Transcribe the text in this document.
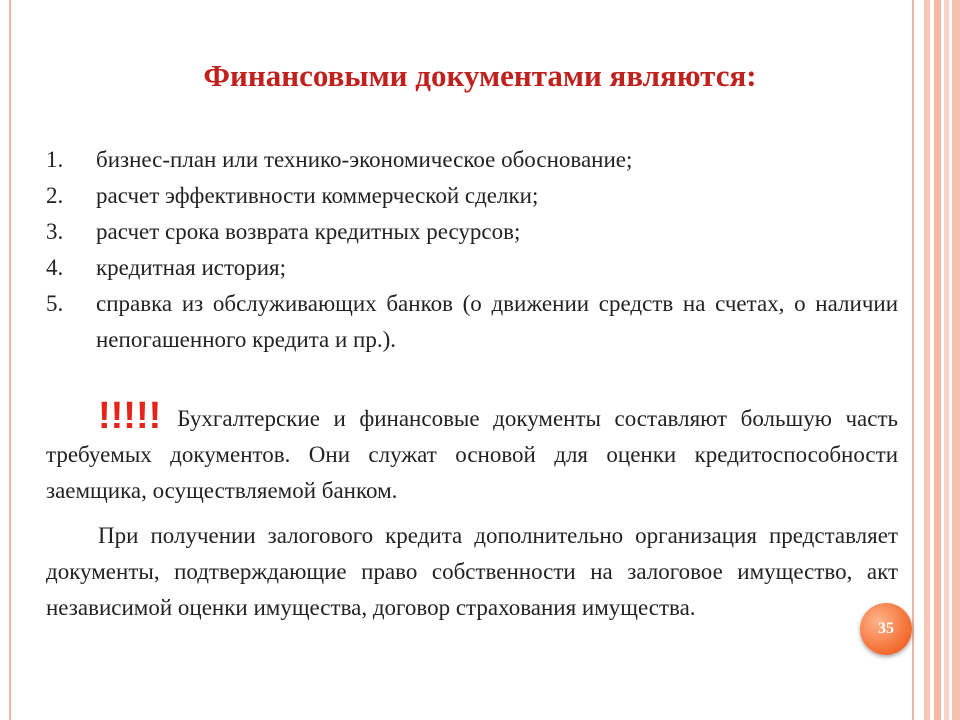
Финансовыми документами являются:
1.	бизнес-план или технико-экономическое обоснование;
2.	расчет эффективности коммерческой сделки;
3.	расчет срока возврата кредитных ресурсов;
4.	кредитная история;
5.	справка из обслуживающих банков (о движении средств на счетах, о наличии непогашенного кредита и пр.).

!!!!! Бухгалтерские и финансовые документы составляют большую часть требуемых документов. Они служат основой для оценки кредитоспособности заемщика, осуществляемой банком.

При получении залогового кредита дополнительно организация представляет документы, подтверждающие право собственности на залоговое имущество, акт независимой оценки имущества, договор страхования имущества.

35
